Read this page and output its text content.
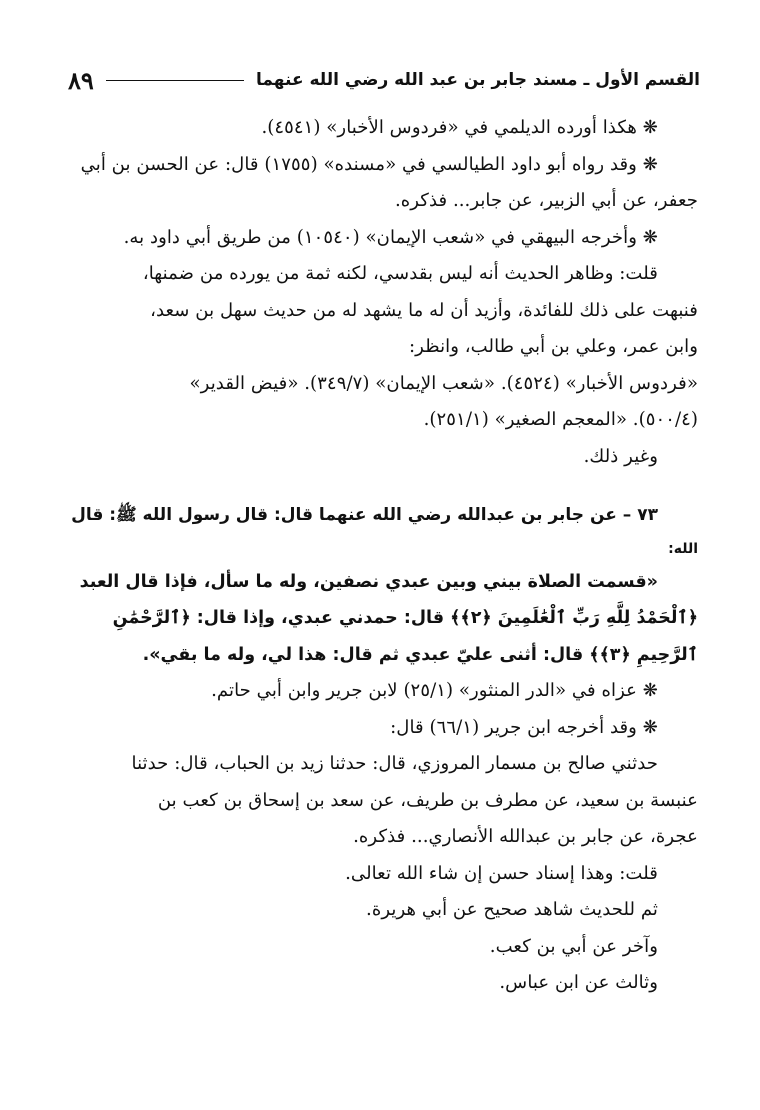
القسم الأول ـ مسند جابر بن عبد الله رضي الله عنهما
٨٩
❋ هكذا أورده الديلمي في «فردوس الأخبار» (٤٥٤١).
❋ وقد رواه أبو داود الطيالسي في «مسنده» (١٧٥٥) قال: عن الحسن بن أبي
جعفر، عن أبي الزبير، عن جابر... فذكره.
❋ وأخرجه البيهقي في «شعب الإيمان» (١٠٥٤٠) من طريق أبي داود به.
قلت: وظاهر الحديث أنه ليس بقدسي، لكنه ثمة من يورده من ضمنها،
فنبهت على ذلك للفائدة، وأزيد أن له ما يشهد له من حديث سهل بن سعد،
وابن عمر، وعلي بن أبي طالب، وانظر:
«فردوس الأخبار» (٤٥٢٤). «شعب الإيمان» (٣٤٩/٧). «فيض القدير»
(٥٠٠/٤). «المعجم الصغير» (٢٥١/١).
وغير ذلك.
٧٣ – عن جابر بن عبدالله رضي الله عنهما قال: قال رسول الله ﷺ: قال
الله:
«قسمت الصلاة بيني وبين عبدي نصفين، وله ما سأل، فإذا قال العبد
﴿ٱلْحَمْدُ لِلَّهِ رَبِّ ٱلْعَٰلَمِينَ ﴿٢﴾﴾ قال: حمدني عبدي، وإذا قال: ﴿ٱلرَّحْمَٰنِ
ٱلرَّحِيمِ ﴿٣﴾﴾ قال: أثنى عليّ عبدي ثم قال: هذا لي، وله ما بقي».
❋ عزاه في «الدر المنثور» (٢٥/١) لابن جرير وابن أبي حاتم.
❋ وقد أخرجه ابن جرير (٦٦/١) قال:
حدثني صالح بن مسمار المروزي، قال: حدثنا زيد بن الحباب، قال: حدثنا
عنبسة بن سعيد، عن مطرف بن طريف، عن سعد بن إسحاق بن كعب بن
عجرة، عن جابر بن عبدالله الأنصاري... فذكره.
قلت: وهذا إسناد حسن إن شاء الله تعالى.
ثم للحديث شاهد صحيح عن أبي هريرة.
وآخر عن أبي بن كعب.
وثالث عن ابن عباس.
